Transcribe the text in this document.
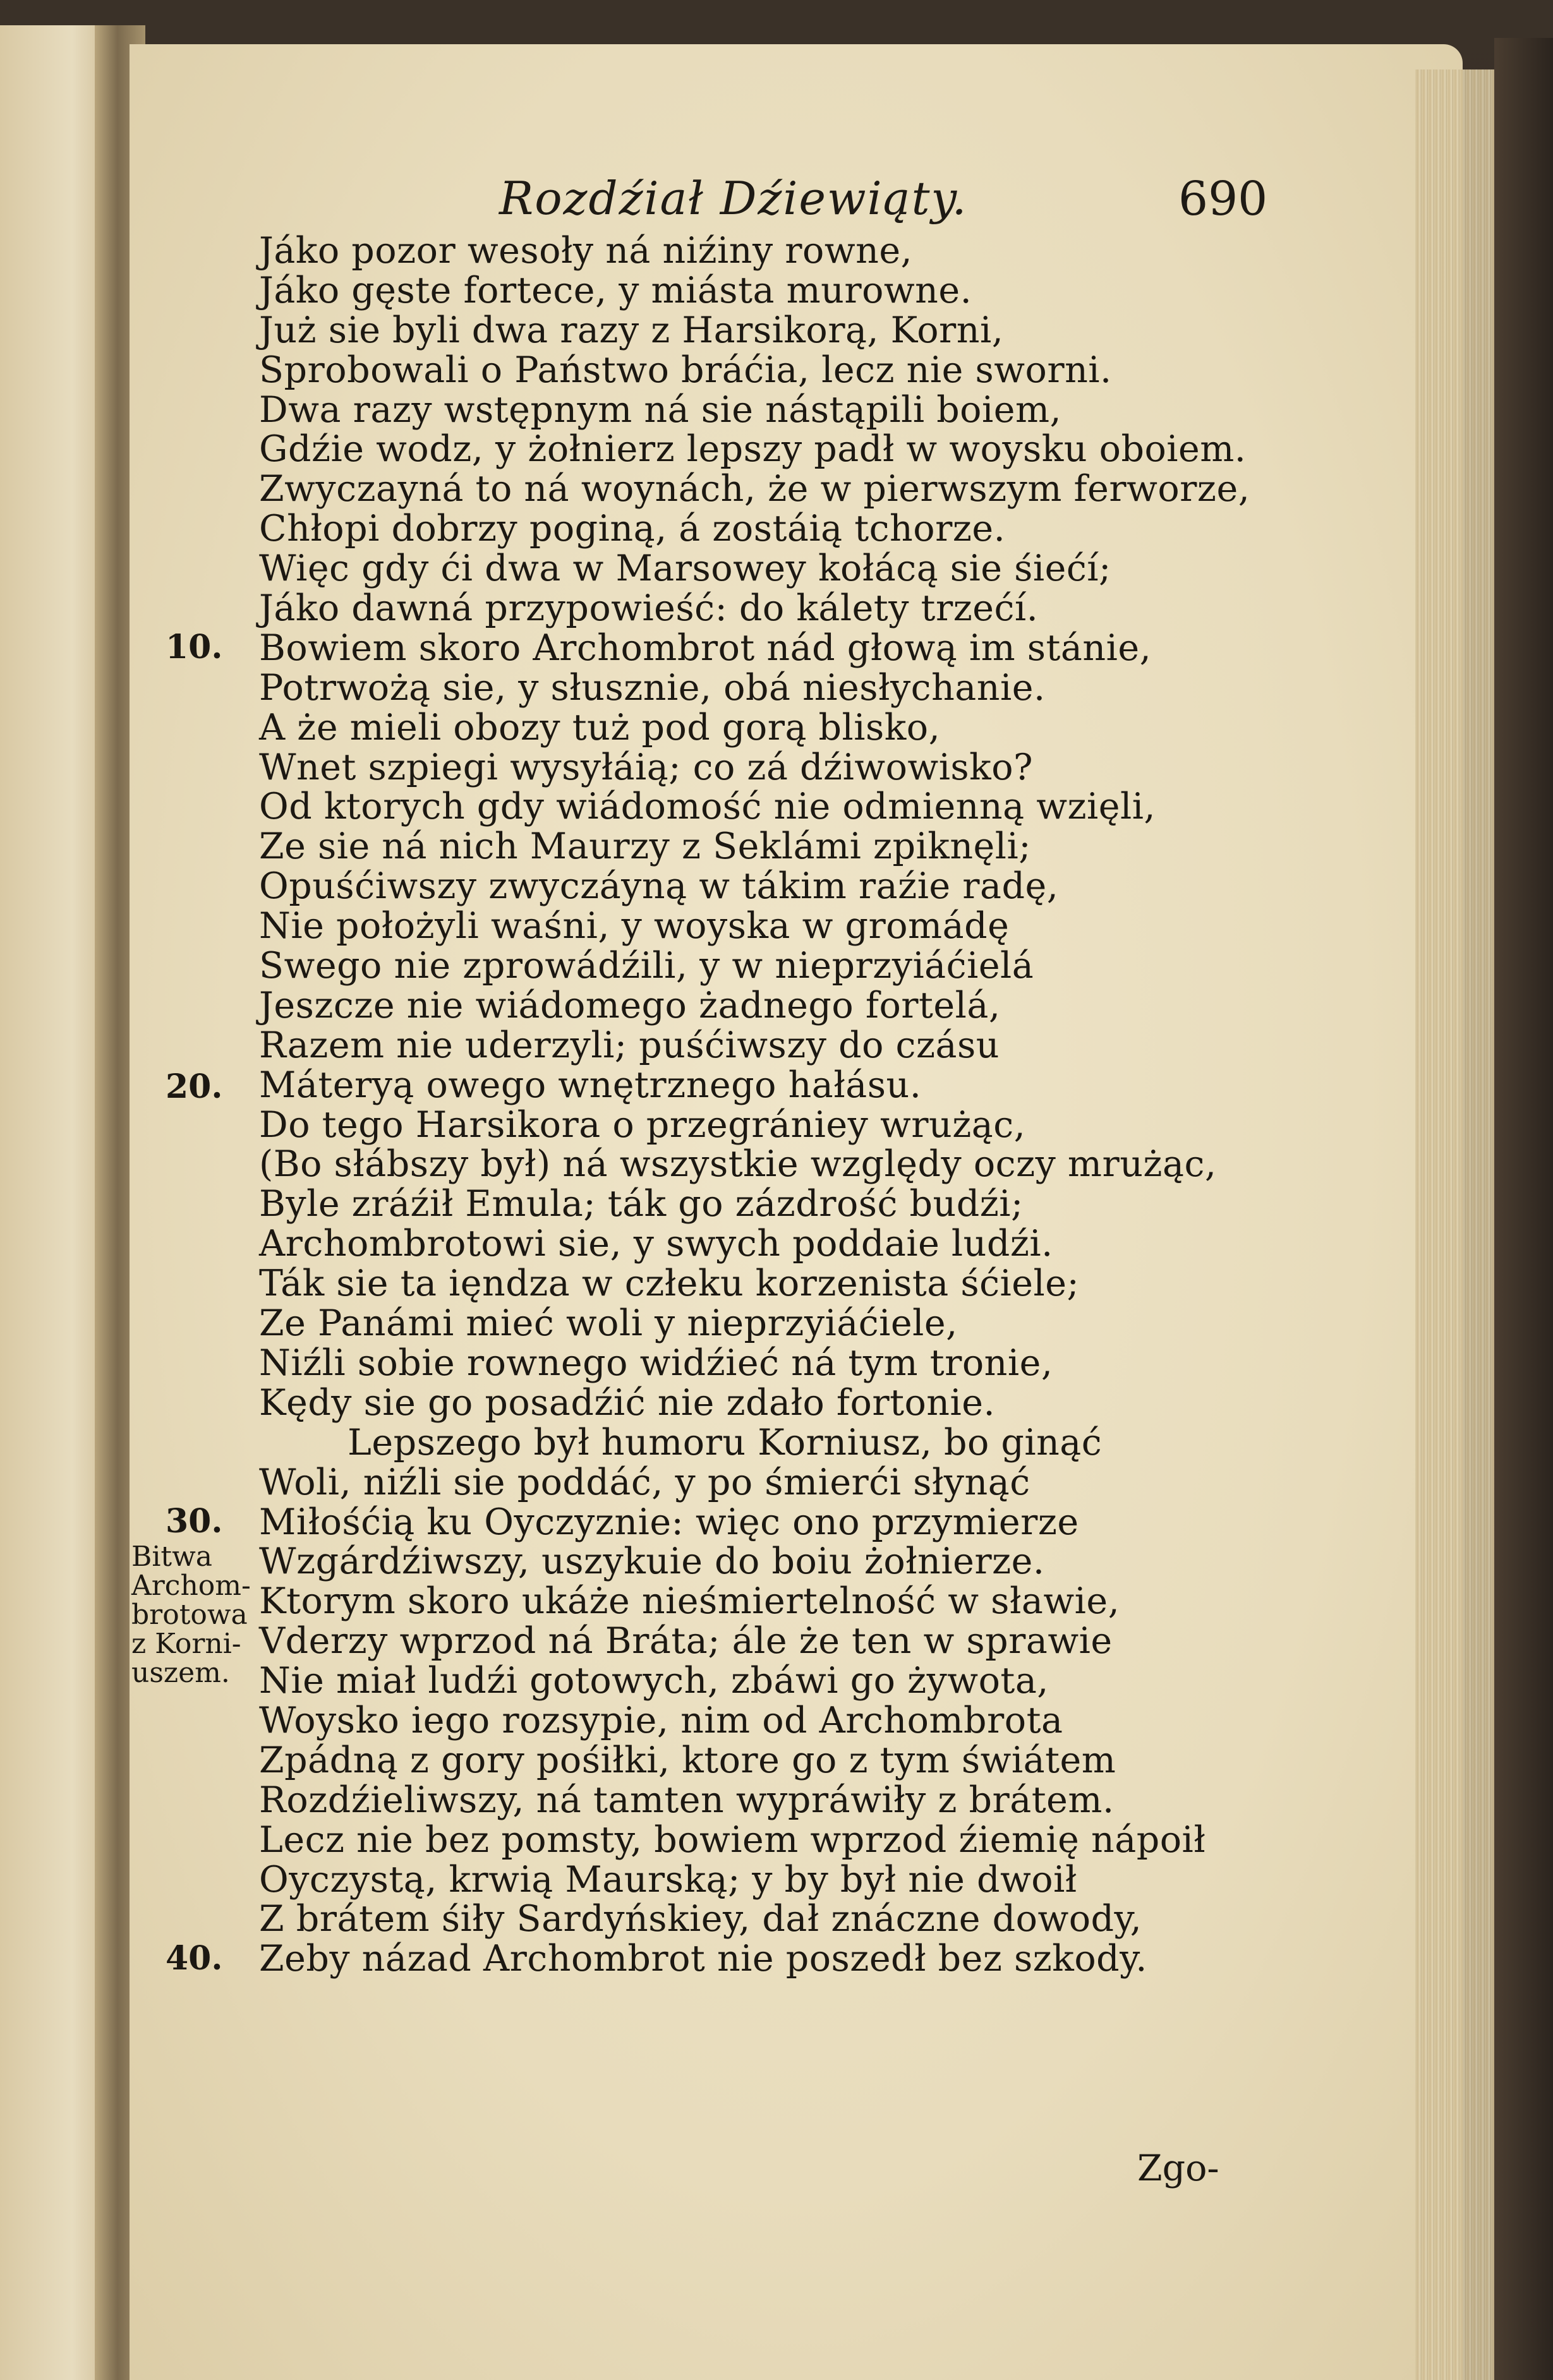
Rozdźiał Dźiewiąty.	690
Jáko pozor wesoły ná niźiny rowne,
Jáko gęste fortece, y miásta murowne.
Już sie byli dwa razy z Harsikorą, Korni,
Sprobowali o Państwo bráćia, lecz nie sworni.
Dwa razy wstępnym ná sie nástąpili boiem,
Gdźie wodz, y żołnierz lepszy padł w woysku oboiem.
Zwyczayná to ná woynách, że w pierwszym ferworze,
Chłopi dobrzy poginą, á zostáią tchorze.
Więc gdy ći dwa w Marsowey kołácą sie śiećí;
Jáko dawná przypowieść: do kálety trzećí.
Bowiem skoro Archombrot nád głową im stánie,
Potrwożą sie, y słusznie, obá niesłychanie.
A że mieli obozy tuż pod gorą blisko,
Wnet szpiegi wysyłáią; co zá dźiwowisko?
Od ktorych gdy wiádomość nie odmienną wzięli,
Ze sie ná nich Maurzy z Seklámi zpiknęli;
Opuśćiwszy zwyczáyną w tákim raźie radę,
Nie położyli waśni, y woyska w gromádę
Swego nie zprowádźili, y w nieprzyiáćielá
Jeszcze nie wiádomego żadnego fortelá,
Razem nie uderzyli; puśćiwszy do czásu
Máteryą owego wnętrznego hałásu.
Do tego Harsikora o przegrániey wrużąc,
(Bo słábszy był) ná wszystkie względy oczy mrużąc,
Byle zráźił Emula; ták go zázdrość budźi;
Archombrotowi sie, y swych poddaie ludźi.
Ták sie ta ięndza w człeku korzenista śćiele;
Ze Panámi mieć woli y nieprzyiáćiele,
Niźli sobie rownego widźieć ná tym tronie,
Kędy sie go posadźić nie zdało fortonie.
Lepszego był humoru Korniusz, bo ginąć
Woli, niźli sie poddáć, y po śmierći słynąć
Miłośćią ku Oyczyznie: więc ono przymierze
Wzgárdźiwszy, uszykuie do boiu żołnierze.
Ktorym skoro ukáże nieśmiertelność w sławie,
Vderzy wprzod ná Bráta; ále że ten w sprawie
Nie miał ludźi gotowych, zbáwi go żywota,
Woysko iego rozsypie, nim od Archombrota
Zpádną z gory pośiłki, ktore go z tym świátem
Rozdźieliwszy, ná tamten wypráwiły z brátem.
Lecz nie bez pomsty, bowiem wprzod źiemię nápoił
Oyczystą, krwią Maurską; y by był nie dwoił
Z brátem śiły Sardyńskiey, dał znáczne dowody,
Zeby názad Archombrot nie poszedł bez szkody.
10.
20.
30.
40.
Bitwa
Archom-
brotowa
z Korni-
uszem.
Zgo-
